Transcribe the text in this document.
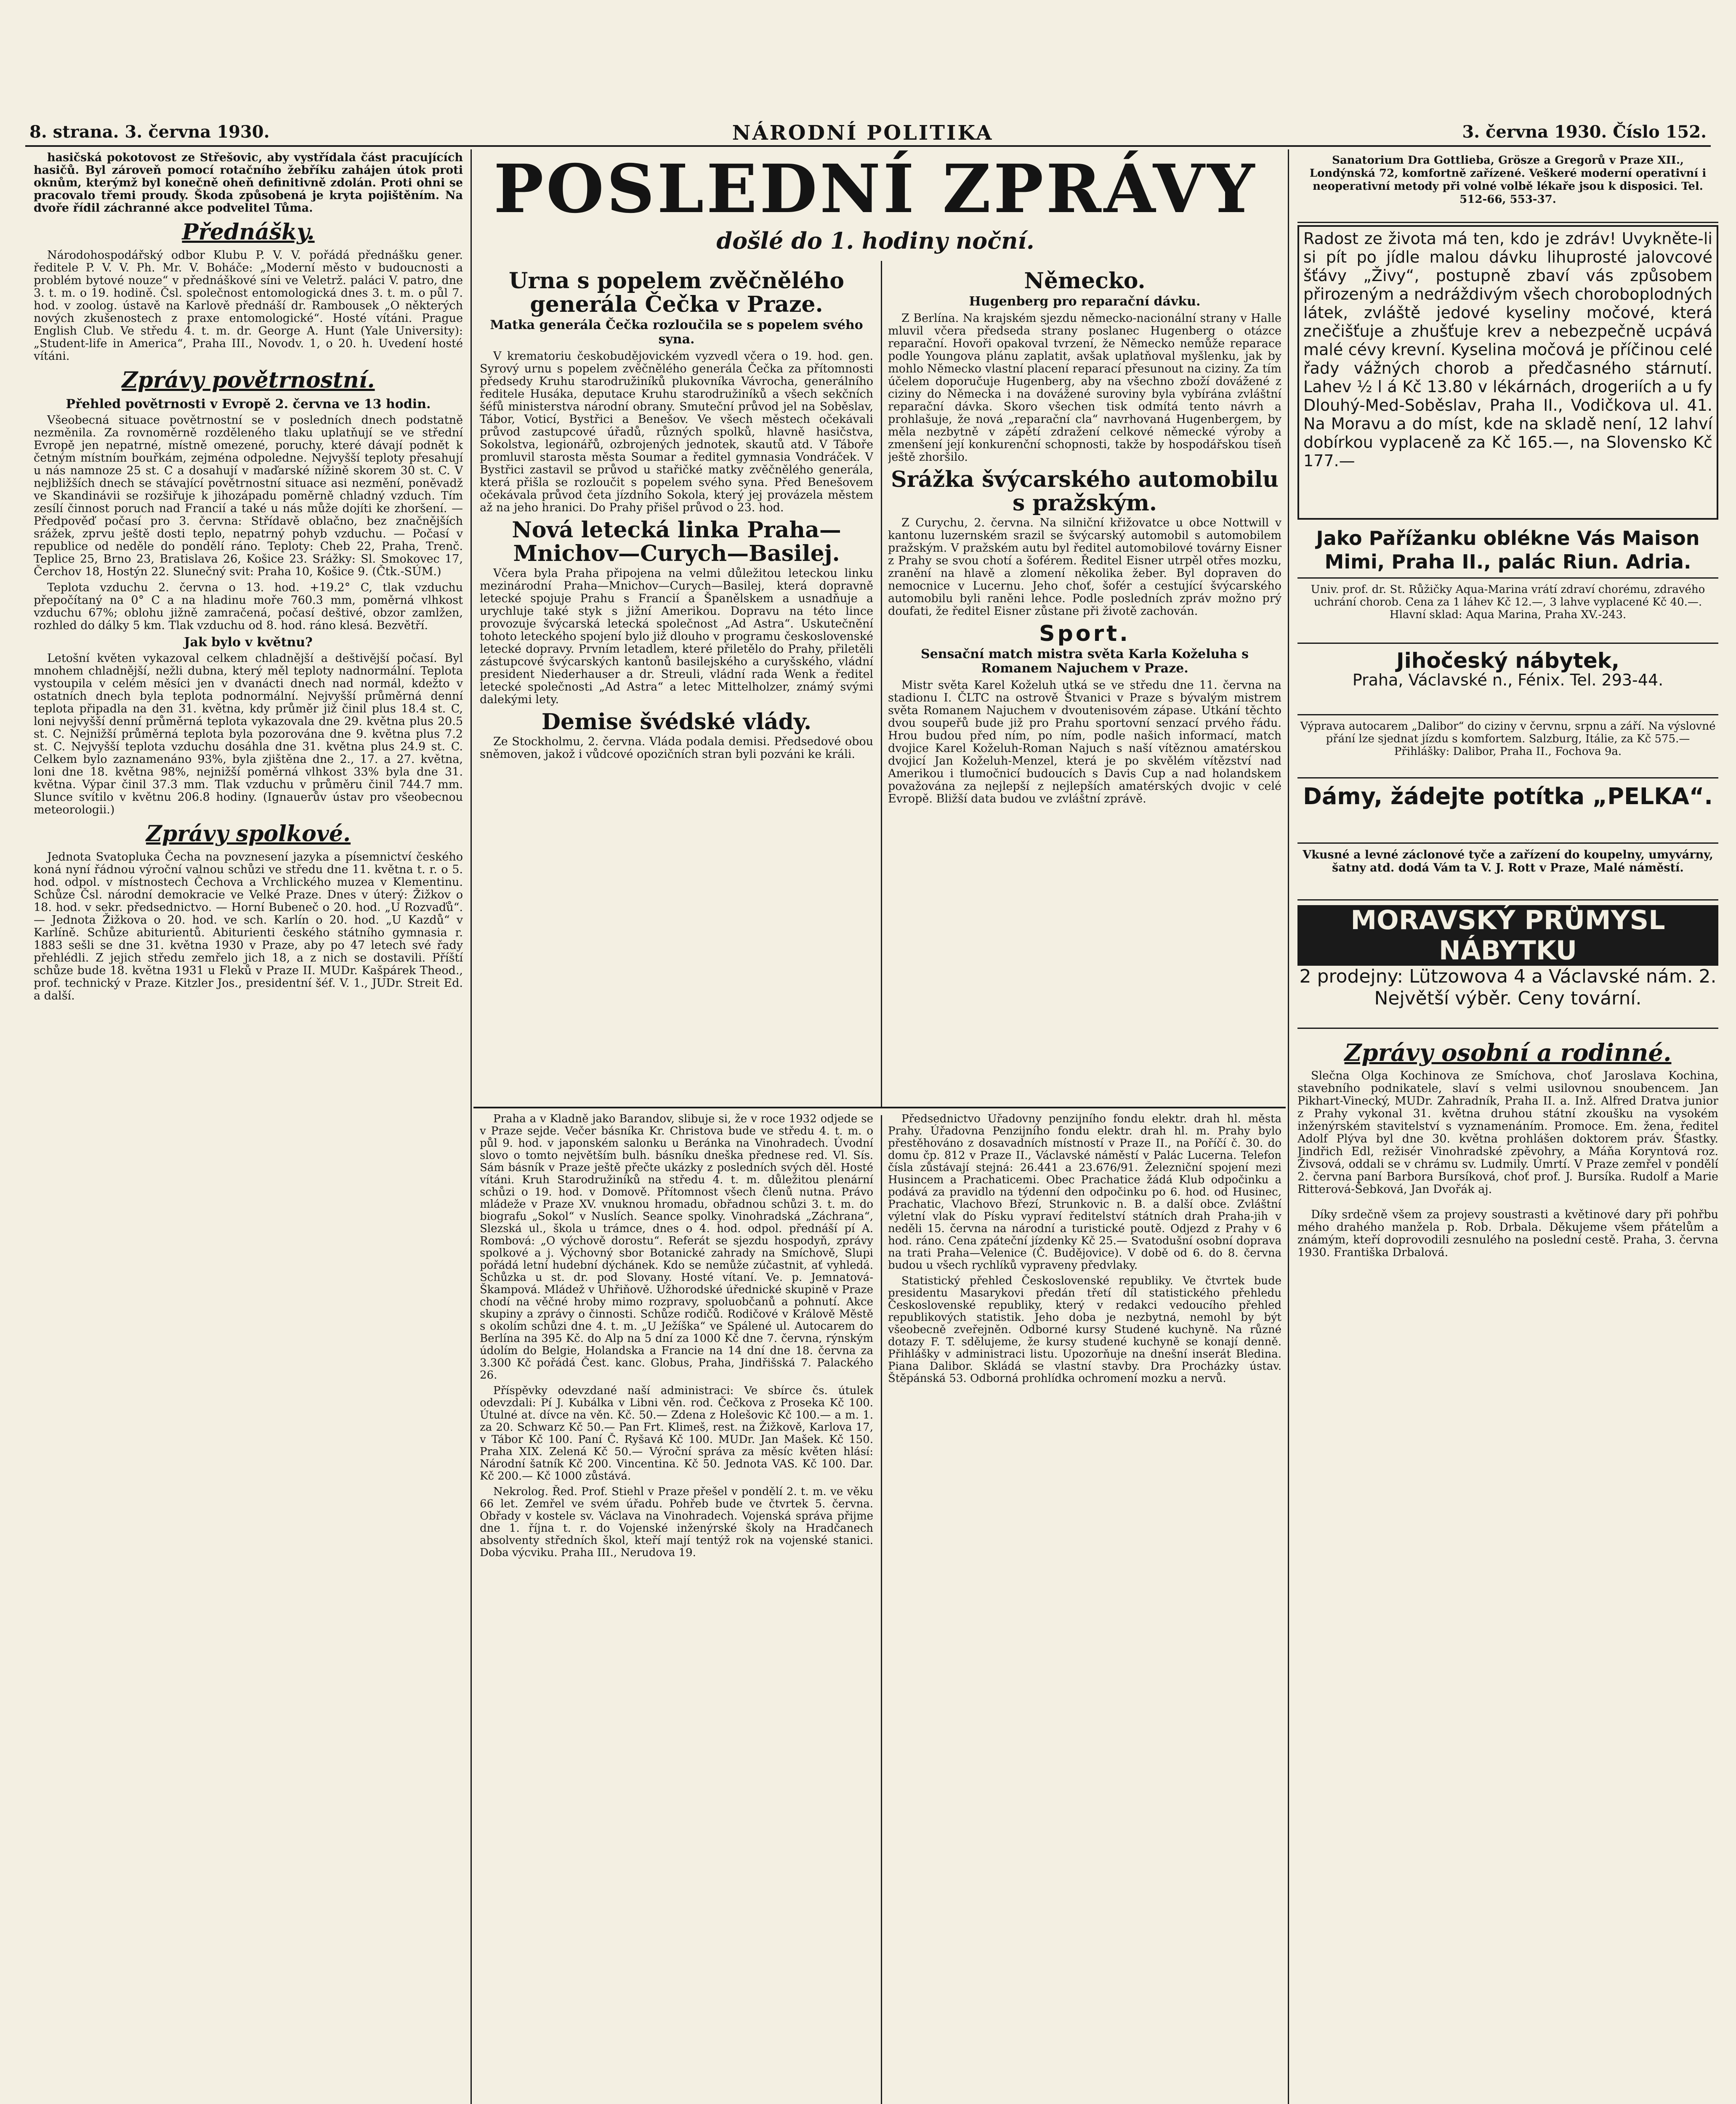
8. strana. 3. června 1930.	NÁRODNÍ POLITIKA	3. června 1930. Číslo 152.
POSLEDNÍ ZPRÁVY
došlé do 1. hodiny noční.

hasičská pokotovost ze Střešovic, aby vystřídala část pracujících hasičů. Byl zároveň pomocí rotačního žebříku zahájen útok proti oknům, kterýmž byl konečně oheň definitivně zdolán. Proti ohni se pracovalo třemi proudy. Škoda způsobená je kryta pojištěním. Na dvoře řídil záchranné akce podvelitel Tůma.

Přednášky.

Národohospodářský odbor Klubu P. V. V. pořádá přednášku gener. ředitele P. V. V. Ph. Mr. V. Boháče: „Moderní město v budoucnosti a problém bytové nouze“ v přednáškové síni ve Veletrž. paláci V. patro, dne 3. t. m. o 19. hodině. Čsl. společnost entomologická dnes 3. t. m. o půl 7. hod. v zoolog. ústavě na Karlově přednáší dr. Rambousek „O některých nových zkušenostech z praxe entomologické“. Hosté vítáni. Prague English Club. Ve středu 4. t. m. dr. George A. Hunt (Yale University): „Student-life in America“, Praha III., Novodv. 1, o 20. h. Uvedení hosté vítáni.

Zprávy povětrnostní.
Přehled povětrnosti v Evropě 2. června ve 13 hodin.

Všeobecná situace povětrnostní se v posledních dnech podstatně nezměnila. Za rovnoměrně rozděleného tlaku uplatňují se ve střední Evropě jen nepatrné, místně omezené, poruchy, které dávají podnět k četným místním bouřkám, zejména odpoledne. Nejvyšší teploty přesahují u nás namnoze 25 st. C a dosahují v maďarské nížině skorem 30 st. C. V nejbližších dnech se stávající povětrnostní situace asi nezmění, poněvadž ve Skandinávii se rozšiřuje k jihozápadu poměrně chladný vzduch. Tím zesílí činnost poruch nad Francií a také u nás může dojíti ke zhoršení. — Předpověď počasí pro 3. června: Střídavě oblačno, bez značnějších srážek, zprvu ještě dosti teplo, nepatrný pohyb vzduchu. — Počasí v republice od neděle do pondělí ráno. Teploty: Cheb 22, Praha, Trenč. Teplice 25, Brno 23, Bratislava 26, Košice 23. Srážky: Sl. Smokovec 17, Čerchov 18, Hostýn 22. Slunečný svit: Praha 10, Košice 9. (Čtk.-SÚM.)

Teplota vzduchu 2. června o 13. hod. +19.2° C, tlak vzduchu přepočítaný na 0° C a na hladinu moře 760.3 mm, poměrná vlhkost vzduchu 67%; oblohu jižně zamračená, počasí deštivé, obzor zamlžen, rozhled do dálky 5 km. Tlak vzduchu od 8. hod. ráno klesá. Bezvětří.

Jak bylo v květnu?

Letošní květen vykazoval celkem chladnější a deštivější počasí. Byl mnohem chladnější, nežli dubna, který měl teploty nadnormální. Teplota vystoupila v celém měsíci jen v dvanácti dnech nad normál, kdežto v ostatních dnech byla teplota podnormální. Nejvyšší průměrná denní teplota připadla na den 31. května, kdy průměr již činil plus 18.4 st. C, loni nejvyšší denní průměrná teplota vykazovala dne 29. května plus 20.5 st. C. Nejnižší průměrná teplota byla pozorována dne 9. května plus 7.2 st. C. Nejvyšší teplota vzduchu dosáhla dne 31. května plus 24.9 st. C. Celkem bylo zaznamenáno 93%, byla zjištěna dne 2., 17. a 27. května, loni dne 18. května 98%, nejnižší poměrná vlhkost 33% byla dne 31. května. Výpar činil 37.3 mm. Tlak vzduchu v průměru činil 744.7 mm. Slunce svítilo v květnu 206.8 hodiny. (Ignauerův ústav pro všeobecnou meteorologii.)

Zprávy spolkové.

Jednota Svatopluka Čecha na povznesení jazyka a písemnictví českého koná nyní řádnou výroční valnou schůzi ve středu dne 11. května t. r. o 5. hod. odpol. v místnostech Čechova a Vrchlického muzea v Klementinu. Schůze Čsl. národní demokracie ve Velké Praze. Dnes v úterý: Žižkov o 18. hod. v sekr. předsednictvo. — Horní Bubeneč o 20. hod. „U Rozvaďů“. — Jednota Žižkova o 20. hod. ve sch. Karlín o 20. hod. „U Kazdů“ v Karlíně. Schůze abiturientů. Abiturienti českého státního gymnasia r. 1883 sešli se dne 31. května 1930 v Praze, aby po 47 letech své řady přehlédli. Z jejich středu zemřelo jich 18, a z nich se dostavili. Příští schůze bude 18. května 1931 u Fleků v Praze II. MUDr. Kašpárek Theod., prof. technický v Praze. Kitzler Jos., presidentní šéf. V. 1., JUDr. Streit Ed. a další.

Urna s popelem zvěčnělého generála Čečka v Praze.
Matka generála Čečka rozloučila se s popelem svého syna.

V krematoriu českobudějovickém vyzvedl včera o 19. hod. gen. Syrový urnu s popelem zvěčnělého generála Čečka za přítomnosti předsedy Kruhu starodružiníků plukovníka Vávrocha, generálního ředitele Husáka, deputace Kruhu starodružiníků a všech sekčních šéfů ministerstva národní obrany. Smuteční průvod jel na Soběslav, Tábor, Voticí, Bystřici a Benešov. Ve všech městech očekávali průvod zastupcové úřadů, různých spolků, hlavně hasičstva, Sokolstva, legionářů, ozbrojených jednotek, skautů atd. V Táboře promluvil starosta města Soumar a ředitel gymnasia Vondráček. V Bystřici zastavil se průvod u stařičké matky zvěčnělého generála, která přišla se rozloučit s popelem svého syna. Před Benešovem očekávala průvod četa jízdního Sokola, který jej provázela městem až na jeho hranici. Do Prahy přišel průvod o 23. hod.

Nová letecká linka Praha—Mnichov—Curych—Basilej.

Včera byla Praha připojena na velmi důležitou leteckou linku mezinárodní Praha—Mnichov—Curych—Basilej, která dopravně letecké spojuje Prahu s Francií a Španělskem a usnadňuje a urychluje také styk s jižní Amerikou. Dopravu na této lince provozuje švýcarská letecká společnost „Ad Astra“. Uskutečnění tohoto leteckého spojení bylo již dlouho v programu československé letecké dopravy. Prvním letadlem, které přiletělo do Prahy, přiletěli zástupcové švýcarských kantonů basilejského a curyšského, vládní president Niederhauser a dr. Streuli, vládní rada Wenk a ředitel letecké společnosti „Ad Astra“ a letec Mittelholzer, známý svými dalekými lety.

Demise švédské vlády.

Ze Stockholmu, 2. června. Vláda podala demisi. Předsedové obou sněmoven, jakož i vůdcové opozičních stran byli pozváni ke králi.

Německo.
Hugenberg pro reparační dávku.

Z Berlína. Na krajském sjezdu německo-nacionální strany v Halle mluvil včera předseda strany poslanec Hugenberg o otázce reparační. Hovoři opakoval tvrzení, že Německo nemůže reparace podle Youngova plánu zaplatit, avšak uplatňoval myšlenku, jak by mohlo Německo vlastní placení reparací přesunout na ciziny. Za tím účelem doporučuje Hugenberg, aby na všechno zboží dovážené z ciziny do Německa i na dovážené suroviny byla vybírána zvláštní reparační dávka. Skoro všechen tisk odmítá tento návrh a prohlašuje, že nová „reparační cla“ navrhovaná Hugenbergem, by měla nezbytně v zápětí zdražení celkové německé výroby a zmenšení její konkurenční schopnosti, takže by hospodářskou tíseň ještě zhoršilo.

Srážka švýcarského automobilu s pražským.

Z Curychu, 2. června. Na silniční křižovatce u obce Nottwill v kantonu luzernském srazil se švýcarský automobil s automobilem pražským. V pražském autu byl ředitel automobilové továrny Eisner z Prahy se svou chotí a šoférem. Ředitel Eisner utrpěl otřes mozku, zranění na hlavě a zlomení několika žeber. Byl dopraven do nemocnice v Lucernu. Jeho choť, šofér a cestující švýcarského automobilu byli raněni lehce. Podle posledních zpráv možno prý doufati, že ředitel Eisner zůstane při životě zachován.

Sport.
Sensační match mistra světa Karla Koželuha s Romanem Najuchem v Praze.

Mistr světa Karel Koželuh utká se ve středu dne 11. června na stadionu I. ČLTC na ostrově Štvanici v Praze s bývalým mistrem světa Romanem Najuchem v dvoutenisovém zápase. Utkání těchto dvou soupeřů bude již pro Prahu sportovní senzací prvého řádu. Hrou budou před ním, po ním, podle našich informací, match dvojice Karel Koželuh-Roman Najuch s naší vítěznou amatérskou dvojicí Jan Koželuh-Menzel, která je po skvělém vítězství nad Amerikou i tlumočnicí budoucích s Davis Cup a nad holandskem považována za nejlepší z nejlepších amatérských dvojic v celé Evropě. Bližší data budou ve zvláštní zprávě.

Praha a v Kladně jako Barandov, slibuje si, že v roce 1932 odjede se v Praze sejde. Večer básníka Kr. Christova bude ve středu 4. t. m. o půl 9. hod. v japonském salonku u Beránka na Vinohradech. Úvodní slovo o tomto největším bulh. básníku dneška přednese red. Vl. Sís. Sám básník v Praze ještě přečte ukázky z posledních svých děl. Hosté vítáni. Kruh Starodružiníků na středu 4. t. m. důležitou plenární schůzi o 19. hod. v Domově. Přítomnost všech členů nutna. Právo mládeže v Praze XV. vnuknou hromadu, obřadnou schůzi 3. t. m. do biografu „Sokol“ v Nuslích. Seance spolky. Vinohradská „Záchrana“, Slezská ul., škola u trámce, dnes o 4. hod. odpol. přednáší pí A. Rombová: „O výchově dorostu“. Referát se sjezdu hospodyň, zprávy spolkové a j. Výchovný sbor Botanické zahrady na Smíchově, Slupi pořádá letní hudební dýchánek. Kdo se nemůže zúčastnit, ať vyhledá. Schůzka u st. dr. pod Slovany. Hosté vítaní. Ve. p. Jemnatová-Škampová. Mládež v Uhřiňově. Užhorodské úřednické skupině v Praze chodí na věčné hroby mimo rozpravy, spoluobčanů a pohnutí. Akce skupiny a zprávy o činnosti. Schůze rodičů. Rodičové v Králově Městě s okolím schůzi dne 4. t. m. „U Ježíška“ ve Spálené ul. Autocarem do Berlína na 395 Kč. do Alp na 5 dní za 1000 Kč dne 7. června, rýnským údolím do Belgie, Holandska a Francie na 14 dní dne 18. června za 3.300 Kč pořádá Čest. kanc. Globus, Praha, Jindřišská 7. Palackého 26.

Příspěvky odevzdané naší administraci: Ve sbírce čs. útulek odevzdali: Pí J. Kubálka v Libni věn. rod. Čečkova z Proseka Kč 100. Útulné at. dívce na věn. Kč. 50.— Zdena z Holešovic Kč 100.— a m. 1. za 20. Schwarz Kč 50.— Pan Frt. Klimeš, rest. na Žižkově, Karlova 17, v Tábor Kč 100. Paní Č. Ryšavá Kč 100. MUDr. Jan Mašek. Kč 150. Praha XIX. Zelená Kč 50.— Výroční správa za měsíc květen hlásí: Národní šatník Kč 200. Vincentina. Kč 50. Jednota VAS. Kč 100. Dar. Kč 200.— Kč 1000 zůstává.

Nekrolog. Řed. Prof. Stiehl v Praze přešel v pondělí 2. t. m. ve věku 66 let. Zemřel ve svém úřadu. Pohřeb bude ve čtvrtek 5. června. Obřady v kostele sv. Václava na Vinohradech. Vojenská správa přijme dne 1. října t. r. do Vojenské inženýrské školy na Hradčanech absolventy středních škol, kteří mají tentýž rok na vojenské stanici. Doba výcviku. Praha III., Nerudova 19.

Předsednictvo Úřadovny penzijního fondu elektr. drah hl. města Prahy. Úřadovna Penzijního fondu elektr. drah hl. m. Prahy bylo přestěhováno z dosavadních místností v Praze II., na Poříčí č. 30. do domu čp. 812 v Praze II., Václavské náměstí v Palác Lucerna. Telefon čísla zůstávají stejná: 26.441 a 23.676/91. Železniční spojení mezi Husincem a Prachaticemi. Obec Prachatice žádá Klub odpočinku a podává za pravidlo na týdenní den odpočinku po 6. hod. od Husinec, Prachatic, Vlachovo Březí, Strunkovic n. B. a další obce. Zvláštní výletní vlak do Písku vypraví ředitelství státních drah Praha-jih v neděli 15. června na národní a turistické poutě. Odjezd z Prahy v 6 hod. ráno. Cena zpáteční jízdenky Kč 25.— Svatodušní osobní doprava na trati Praha—Velenice (Č. Budějovice). V době od 6. do 8. června budou u všech rychlíků vypraveny předvlaky.

Statistický přehled Československé republiky. Ve čtvrtek bude presidentu Masarykovi předán třetí díl statistického přehledu Československé republiky, který v redakci vedoucího přehled republikových statistik. Jeho doba je nezbytná, nemohl by být všeobecně zveřejněn. Odborné kursy Studené kuchyně. Na různé dotazy F. T. sdělujeme, že kursy studené kuchyně se konají denně. Přihlášky v administraci listu. Upozorňuje na dnešní inserát Bledina. Piana Dalibor. Skládá se vlastní stavby. Dra Procházky ústav. Štěpánská 53. Odborná prohlídka ochromení mozku a nervů.

Sanatorium Dra Gottlieba, Grösze a Gregorů v Praze XII., Londýnská 72, komfortně zařízené. Veškeré moderní operativní i neoperativní metody při volné volbě lékaře jsou k disposici. Tel. 512-66, 553-37.
Radost ze života má ten, kdo je zdráv! Uvykněte-li si pít po jídle malou dávku lihuprosté jalovcové šťávy „Živy“, postupně zbaví vás způsobem přirozeným a nedráždivým všech choroboplodných látek, zvláště jedové kyseliny močové, která znečišťuje a zhušťuje krev a nebezpečně ucpává malé cévy krevní. Kyselina močová je příčinou celé řady vážných chorob a předčasného stárnutí. Lahev ½ l á Kč 13.80 v lékárnách, drogeriích a u fy Dlouhý-Med-Soběslav, Praha II., Vodičkova ul. 41. Na Moravu a do míst, kde na skladě není, 12 lahví dobírkou vyplaceně za Kč 165.—, na Slovensko Kč 177.—
Jako Pařížanku oblékne Vás Maison Mimi, Praha II., palác Riun. Adria.
Univ. prof. dr. St. Růžičky Aqua-Marina vrátí zdraví chorému, zdravého uchrání chorob. Cena za 1 láhev Kč 12.—, 3 lahve vyplacené Kč 40.—. Hlavní sklad: Aqua Marina, Praha XV.-243.
Jihočeský nábytek,
Praha, Václavské n., Fénix. Tel. 293-44.
Výprava autocarem „Dalibor“ do ciziny v červnu, srpnu a září. Na výslovné přání lze sjednat jízdu s komfortem. Salzburg, Itálie, za Kč 575.— Přihlášky: Dalibor, Praha II., Fochova 9a.
Dámy, žádejte potítka „PELKA“.
Vkusné a levné záclonové tyče a zařízení do koupelny, umyvárny, šatny atd. dodá Vám ta V. J. Rott v Praze, Malé náměstí.
MORAVSKÝ PRŮMYSL NÁBYTKU
2 prodejny: Lützowova 4 a Václavské nám. 2. Největší výběr. Ceny tovární.
Zprávy osobní a rodinné.

Slečna Olga Kochinova ze Smíchova, choť Jaroslava Kochina, stavebního podnikatele, slaví s velmi usilovnou snoubencem. Jan Pikhart-Vinecký, MUDr. Zahradník, Praha II. a. Inž. Alfred Dratva junior z Prahy vykonal 31. května druhou státní zkoušku na vysokém inženýrském stavitelství s vyznamenáním. Promoce. Em. žena, ředitel Adolf Plýva byl dne 30. května prohlášen doktorem práv. Šťastky. Jindřich Edl, režisér Vinohradské zpěvohry, a Máňa Koryntová roz. Živsová, oddali se v chrámu sv. Ludmily. Úmrtí. V Praze zemřel v pondělí 2. června paní Barbora Bursíková, choť prof. J. Bursíka. Rudolf a Marie Ritterová-Šebková, Jan Dvořák aj.

Díky srdečně všem za projevy soustrasti a květinové dary při pohřbu mého drahého manžela p. Rob. Drbala. Děkujeme všem přátelům a známým, kteří doprovodili zesnulého na poslední cestě. Praha, 3. června 1930. Františka Drbalová.
